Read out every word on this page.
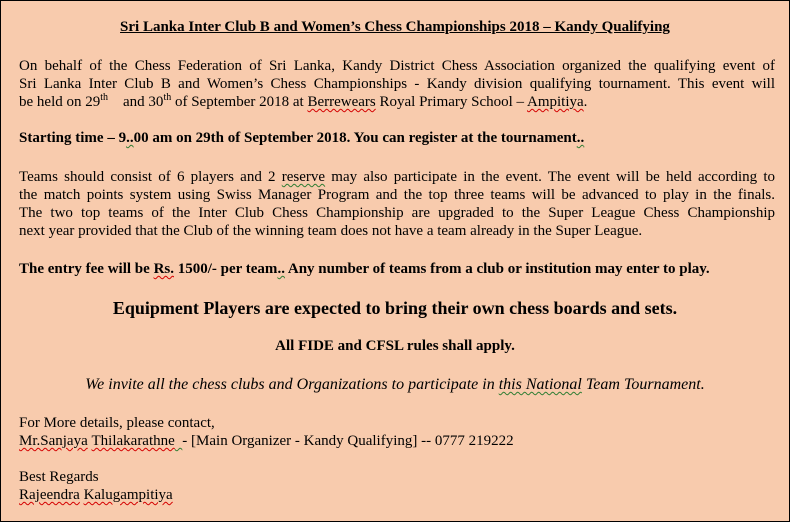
Sri Lanka Inter Club B and Women’s Chess Championships 2018 – Kandy Qualifying
On behalf of the Chess Federation of Sri Lanka, Kandy District Chess Association organized the qualifying event of
Sri Lanka Inter Club B and Women’s Chess Championships - Kandy division qualifying tournament. This event will
be held on 29th and 30th of September 2018 at Berrewears Royal Primary School – Ampitiya.
Starting time – 9..00 am on 29th of September 2018. You can register at the tournament..
Teams should consist of 6 players and 2 reserve may also participate in the event. The event will be held according to
the match points system using Swiss Manager Program and the top three teams will be advanced to play in the finals.
The two top teams of the Inter Club Chess Championship are upgraded to the Super League Chess Championship
next year provided that the Club of the winning team does not have a team already in the Super League.
The entry fee will be Rs. 1500/- per team.. Any number of teams from a club or institution may enter to play.
Equipment Players are expected to bring their own chess boards and sets.
All FIDE and CFSL rules shall apply.
We invite all the chess clubs and Organizations to participate in this National Team Tournament.
For More details, please contact,
Mr.Sanjaya Thilakarathne - [Main Organizer - Kandy Qualifying] -- 0777 219222
Best Regards
Rajeendra Kalugampitiya
